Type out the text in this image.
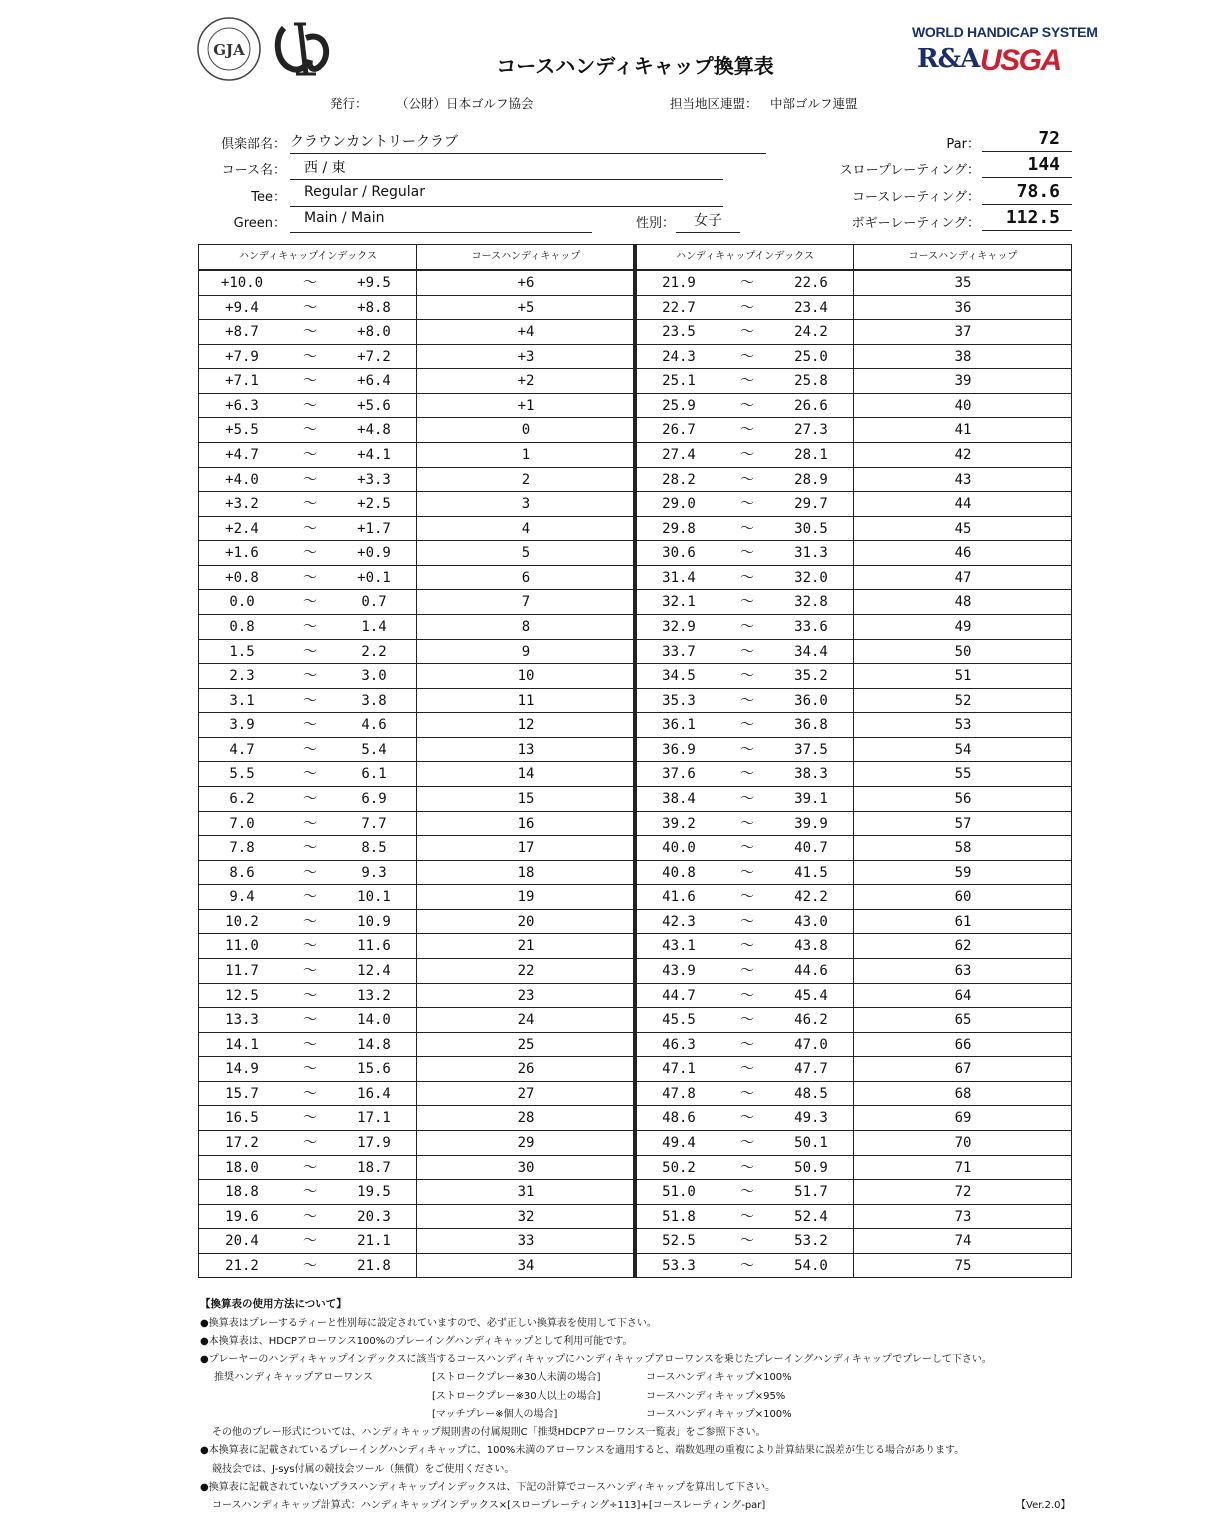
GJA
WORLD HANDICAP SYSTEM
R&A USGA
コースハンディキャップ換算表
発行： （公財）日本ゴルフ協会	担当地区連盟： 中部ゴルフ連盟
倶楽部名： クラウンカントリークラブ
コース名：	西 / 東
Tee：	Regular / Regular
Green：	Main / Main	性別：	女子
Par：	72
スロープレーティング：	144
コースレーティング：	78.6
ボギーレーティング：	112.5
ハンディキャップインデックス	コースハンディキャップ	ハンディキャップインデックス	コースハンディキャップ
+10.0	～	+9.5	+6	21.9	～	22.6	35
+9.4	～	+8.8	+5	22.7	～	23.4	36
+8.7	～	+8.0	+4	23.5	～	24.2	37
+7.9	～	+7.2	+3	24.3	～	25.0	38
+7.1	～	+6.4	+2	25.1	～	25.8	39
+6.3	～	+5.6	+1	25.9	～	26.6	40
+5.5	～	+4.8	0	26.7	～	27.3	41
+4.7	～	+4.1	1	27.4	～	28.1	42
+4.0	～	+3.3	2	28.2	～	28.9	43
+3.2	～	+2.5	3	29.0	～	29.7	44
+2.4	～	+1.7	4	29.8	～	30.5	45
+1.6	～	+0.9	5	30.6	～	31.3	46
+0.8	～	+0.1	6	31.4	～	32.0	47
0.0	～	0.7	7	32.1	～	32.8	48
0.8	～	1.4	8	32.9	～	33.6	49
1.5	～	2.2	9	33.7	～	34.4	50
2.3	～	3.0	10	34.5	～	35.2	51
3.1	～	3.8	11	35.3	～	36.0	52
3.9	～	4.6	12	36.1	～	36.8	53
4.7	～	5.4	13	36.9	～	37.5	54
5.5	～	6.1	14	37.6	～	38.3	55
6.2	～	6.9	15	38.4	～	39.1	56
7.0	～	7.7	16	39.2	～	39.9	57
7.8	～	8.5	17	40.0	～	40.7	58
8.6	～	9.3	18	40.8	～	41.5	59
9.4	～	10.1	19	41.6	～	42.2	60
10.2	～	10.9	20	42.3	～	43.0	61
11.0	～	11.6	21	43.1	～	43.8	62
11.7	～	12.4	22	43.9	～	44.6	63
12.5	～	13.2	23	44.7	～	45.4	64
13.3	～	14.0	24	45.5	～	46.2	65
14.1	～	14.8	25	46.3	～	47.0	66
14.9	～	15.6	26	47.1	～	47.7	67
15.7	～	16.4	27	47.8	～	48.5	68
16.5	～	17.1	28	48.6	～	49.3	69
17.2	～	17.9	29	49.4	～	50.1	70
18.0	～	18.7	30	50.2	～	50.9	71
18.8	～	19.5	31	51.0	～	51.7	72
19.6	～	20.3	32	51.8	～	52.4	73
20.4	～	21.1	33	52.5	～	53.2	74
21.2	～	21.8	34	53.3	～	54.0	75
【換算表の使用方法について】
●換算表はプレーするティーと性別毎に設定されていますので、必ず正しい換算表を使用して下さい。
●本換算表は、HDCPアローワンス100%のプレーイングハンディキャップとして利用可能です。
●プレーヤーのハンディキャップインデックスに該当するコースハンディキャップにハンディキャップアローワンスを乗じたプレーイングハンディキャップでプレーして下さい。
推奨ハンディキャップアローワンス	[ストロークプレー※30人未満の場合]	コースハンディキャップ×100%
[ストロークプレー※30人以上の場合]	コースハンディキャップ×95%
[マッチプレー※個人の場合]	コースハンディキャップ×100%
その他のプレー形式については、ハンディキャップ規則書の付属規則C「推奨HDCPアローワンス一覧表」をご参照下さい。
●本換算表に記載されているプレーイングハンディキャップに、100%未満のアローワンスを適用すると、端数処理の重複により計算結果に誤差が生じる場合があります。
競技会では、J-sys付属の競技会ツール（無償）をご使用ください。
●換算表に記載されていないプラスハンディキャップインデックスは、下記の計算でコースハンディキャップを算出して下さい。
コースハンディキャップ計算式：ハンディキャップインデックス×[スロープレーティング÷113]+[コースレーティング-par]	【Ver.2.0】
